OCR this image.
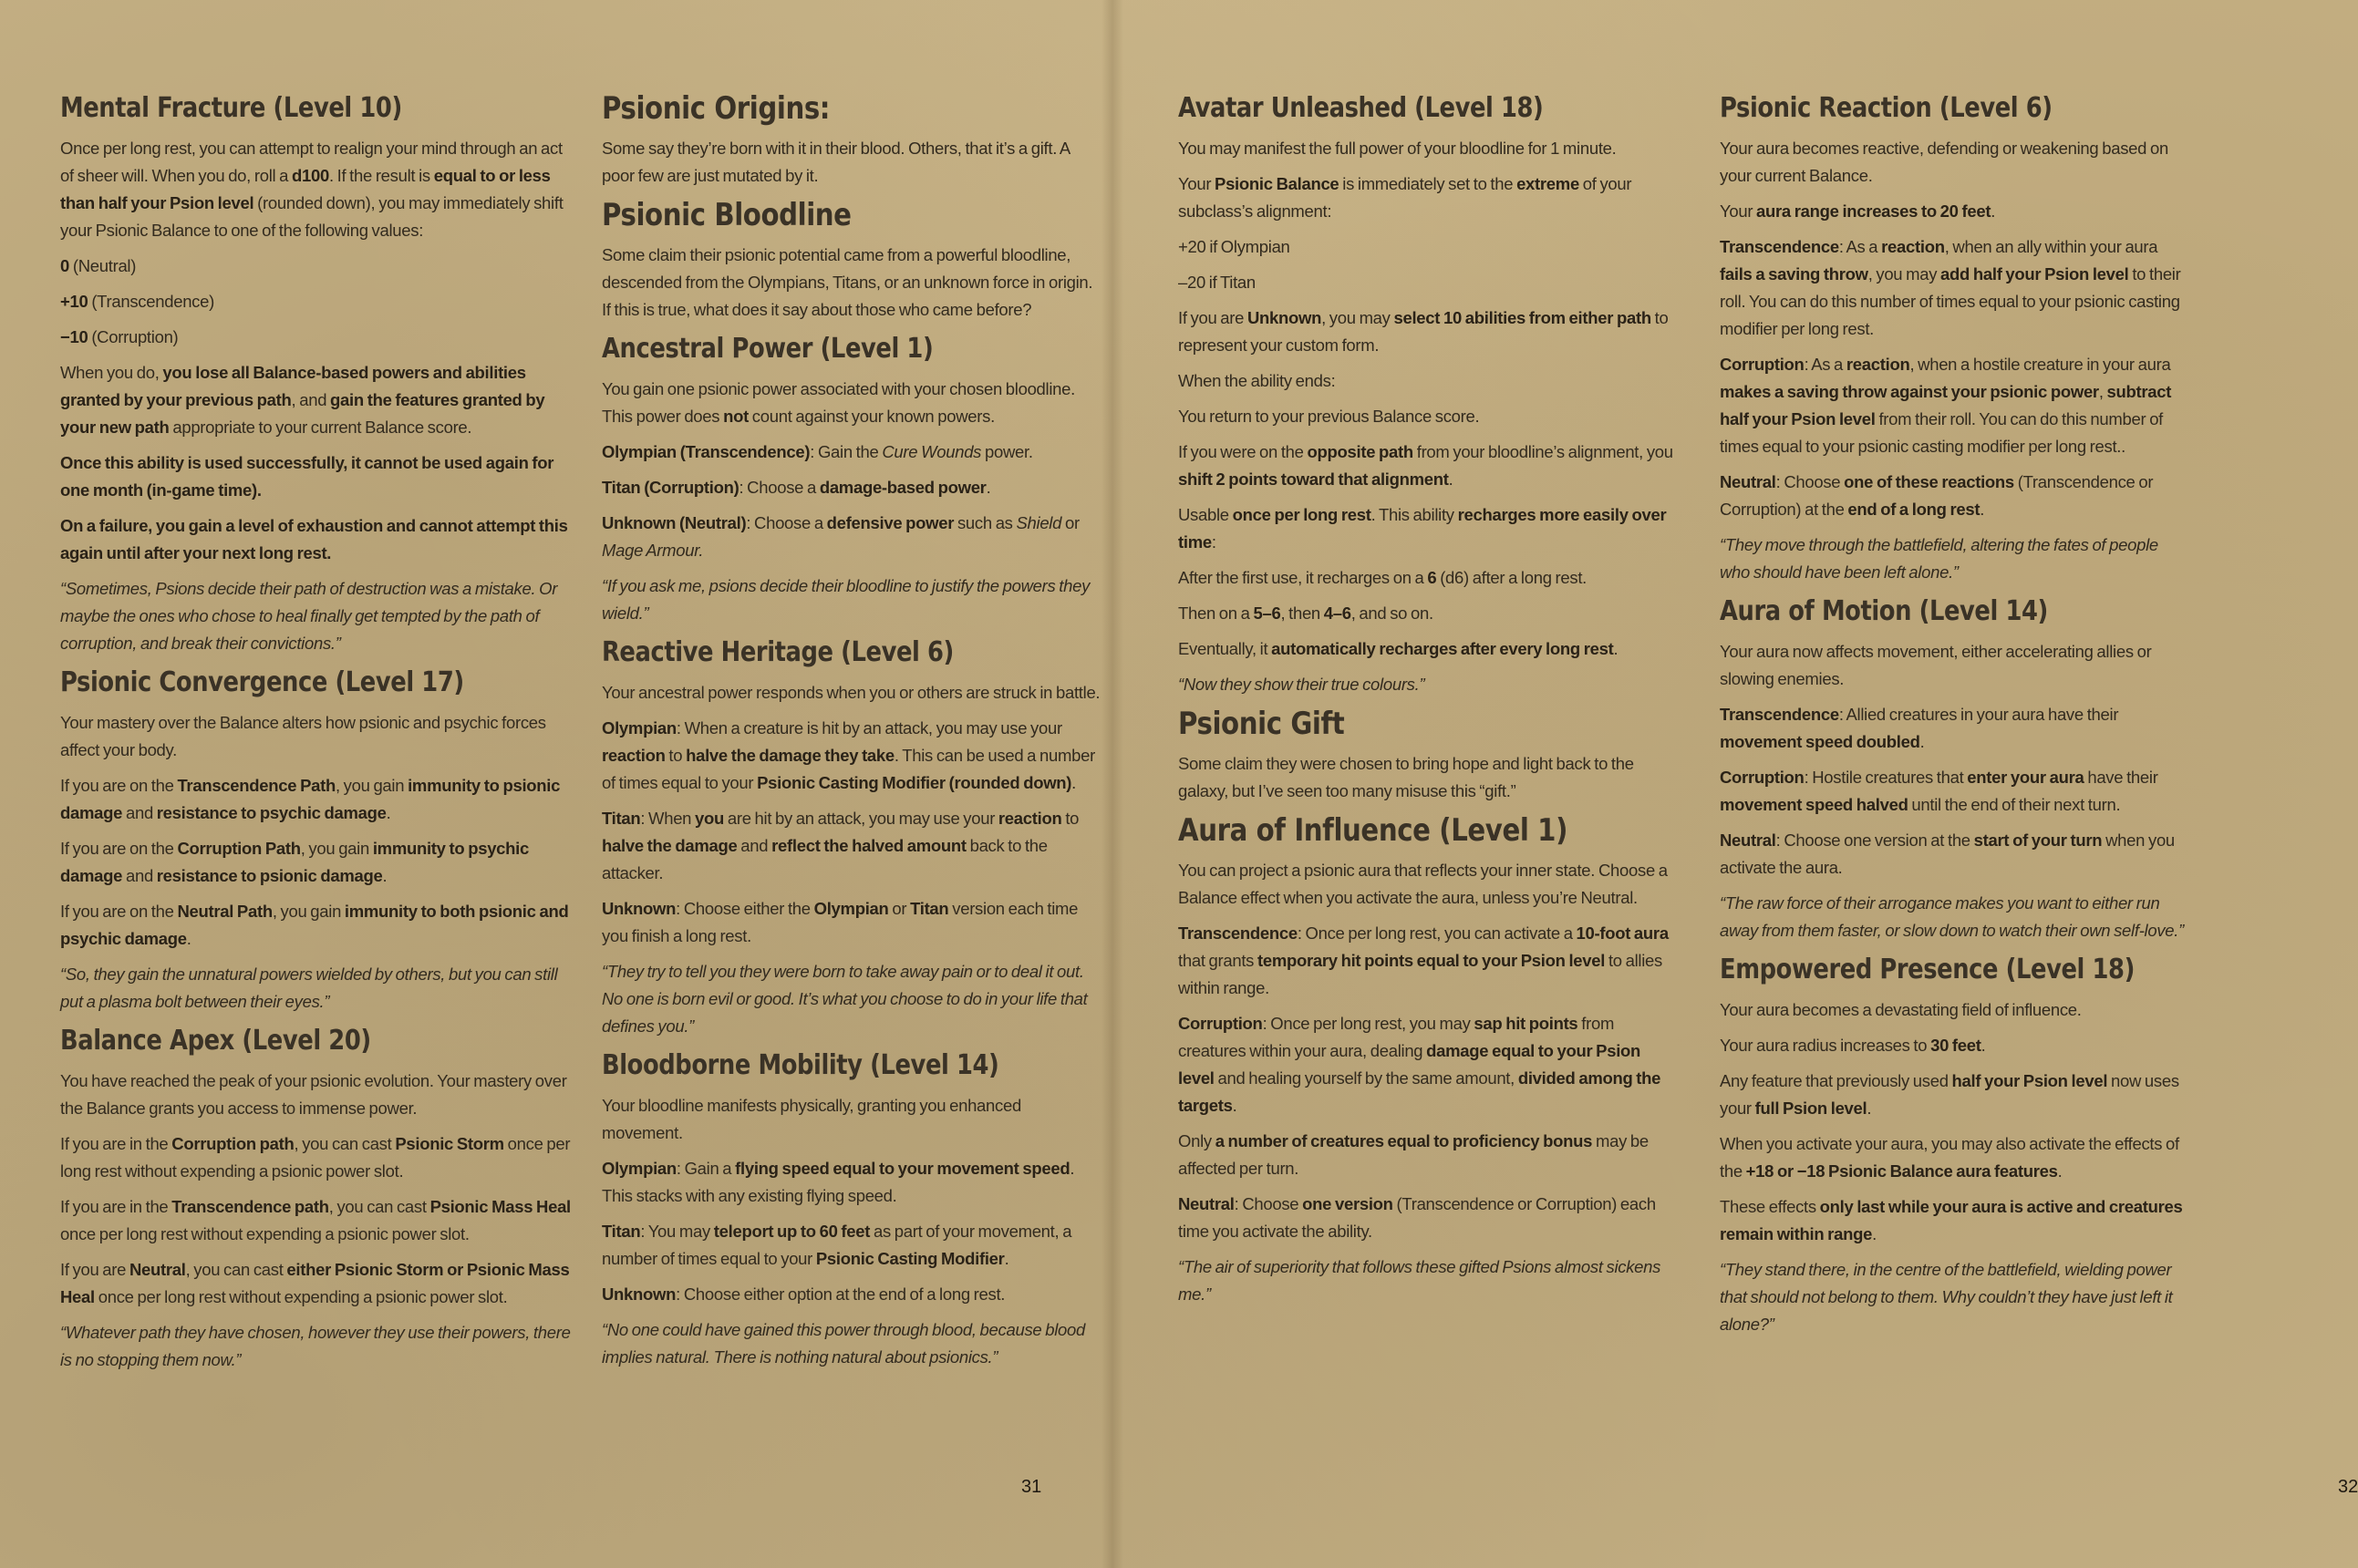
Mental Fracture (Level 10)

Once per long rest, you can attempt to realign your mind through an act of sheer will. When you do, roll a d100. If the result is equal to or less than half your Psion level (rounded down), you may immediately shift your Psionic Balance to one of the following values:

0 (Neutral)

+10 (Transcendence)

−10 (Corruption)

When you do, you lose all Balance-based powers and abilities granted by your previous path, and gain the features granted by your new path appropriate to your current Balance score.

Once this ability is used successfully, it cannot be used again for one month (in-game time).

On a failure, you gain a level of exhaustion and cannot attempt this again until after your next long rest.

“Sometimes, Psions decide their path of destruction was a mistake. Or maybe the ones who chose to heal finally get tempted by the path of corruption, and break their convictions.”

Psionic Convergence (Level 17)

Your mastery over the Balance alters how psionic and psychic forces affect your body.

If you are on the Transcendence Path, you gain immunity to psionic damage and resistance to psychic damage.

If you are on the Corruption Path, you gain immunity to psychic damage and resistance to psionic damage.

If you are on the Neutral Path, you gain immunity to both psionic and psychic damage.

“So, they gain the unnatural powers wielded by others, but you can still put a plasma bolt between their eyes.”

Balance Apex (Level 20)

You have reached the peak of your psionic evolution. Your mastery over the Balance grants you access to immense power.

If you are in the Corruption path, you can cast Psionic Storm once per long rest without expending a psionic power slot.

If you are in the Transcendence path, you can cast Psionic Mass Heal once per long rest without expending a psionic power slot.

If you are Neutral, you can cast either Psionic Storm or Psionic Mass Heal once per long rest without expending a psionic power slot.

“Whatever path they have chosen, however they use their powers, there is no stopping them now.”

Psionic Origins:

Some say they’re born with it in their blood. Others, that it’s a gift. A poor few are just mutated by it.

Psionic Bloodline

Some claim their psionic potential came from a powerful bloodline, descended from the Olympians, Titans, or an unknown force in origin. If this is true, what does it say about those who came before?

Ancestral Power (Level 1)

You gain one psionic power associated with your chosen bloodline. This power does not count against your known powers.

Olympian (Transcendence): Gain the Cure Wounds power.

Titan (Corruption): Choose a damage-based power.

Unknown (Neutral): Choose a defensive power such as Shield or Mage Armour.

“If you ask me, psions decide their bloodline to justify the powers they wield.”

Reactive Heritage (Level 6)

Your ancestral power responds when you or others are struck in battle.

Olympian: When a creature is hit by an attack, you may use your reaction to halve the damage they take. This can be used a number of times equal to your Psionic Casting Modifier (rounded down).

Titan: When you are hit by an attack, you may use your reaction to halve the damage and reflect the halved amount back to the attacker.

Unknown: Choose either the Olympian or Titan version each time you finish a long rest.

“They try to tell you they were born to take away pain or to deal it out. No one is born evil or good. It’s what you choose to do in your life that defines you.”

Bloodborne Mobility (Level 14)

Your bloodline manifests physically, granting you enhanced movement.

Olympian: Gain a flying speed equal to your movement speed. This stacks with any existing flying speed.

Titan: You may teleport up to 60 feet as part of your movement, a number of times equal to your Psionic Casting Modifier.

Unknown: Choose either option at the end of a long rest.

“No one could have gained this power through blood, because blood implies natural. There is nothing natural about psionics.”

31	32
Avatar Unleashed (Level 18)

You may manifest the full power of your bloodline for 1 minute.

Your Psionic Balance is immediately set to the extreme of your subclass’s alignment:

+20 if Olympian

–20 if Titan

If you are Unknown, you may select 10 abilities from either path to represent your custom form.

When the ability ends:

You return to your previous Balance score.

If you were on the opposite path from your bloodline’s alignment, you shift 2 points toward that alignment.

Usable once per long rest. This ability recharges more easily over time:

After the first use, it recharges on a 6 (d6) after a long rest.

Then on a 5–6, then 4–6, and so on.

Eventually, it automatically recharges after every long rest.

“Now they show their true colours.”

Psionic Gift

Some claim they were chosen to bring hope and light back to the galaxy, but I’ve seen too many misuse this “gift.”

Aura of Influence (Level 1)

You can project a psionic aura that reflects your inner state. Choose a Balance effect when you activate the aura, unless you’re Neutral.

Transcendence: Once per long rest, you can activate a 10-foot aura that grants temporary hit points equal to your Psion level to allies within range.

Corruption: Once per long rest, you may sap hit points from creatures within your aura, dealing damage equal to your Psion level and healing yourself by the same amount, divided among the targets.

Only a number of creatures equal to proficiency bonus may be affected per turn.

Neutral: Choose one version (Transcendence or Corruption) each time you activate the ability.

“The air of superiority that follows these gifted Psions almost sickens me.”

Psionic Reaction (Level 6)

Your aura becomes reactive, defending or weakening based on your current Balance.

Your aura range increases to 20 feet.

Transcendence: As a reaction, when an ally within your aura fails a saving throw, you may add half your Psion level to their roll. You can do this number of times equal to your psionic casting modifier per long rest.

Corruption: As a reaction, when a hostile creature in your aura makes a saving throw against your psionic power, subtract half your Psion level from their roll. You can do this number of times equal to your psionic casting modifier per long rest..

Neutral: Choose one of these reactions (Transcendence or Corruption) at the end of a long rest.

“They move through the battlefield, altering the fates of people who should have been left alone.”

Aura of Motion (Level 14)

Your aura now affects movement, either accelerating allies or slowing enemies.

Transcendence: Allied creatures in your aura have their movement speed doubled.

Corruption: Hostile creatures that enter your aura have their movement speed halved until the end of their next turn.

Neutral: Choose one version at the start of your turn when you activate the aura.

“The raw force of their arrogance makes you want to either run away from them faster, or slow down to watch their own self-love.”

Empowered Presence (Level 18)

Your aura becomes a devastating field of influence.

Your aura radius increases to 30 feet.

Any feature that previously used half your Psion level now uses your full Psion level.

When you activate your aura, you may also activate the effects of the +18 or −18 Psionic Balance aura features.

These effects only last while your aura is active and creatures remain within range.

“They stand there, in the centre of the battlefield, wielding power that should not belong to them. Why couldn’t they have just left it alone?”
